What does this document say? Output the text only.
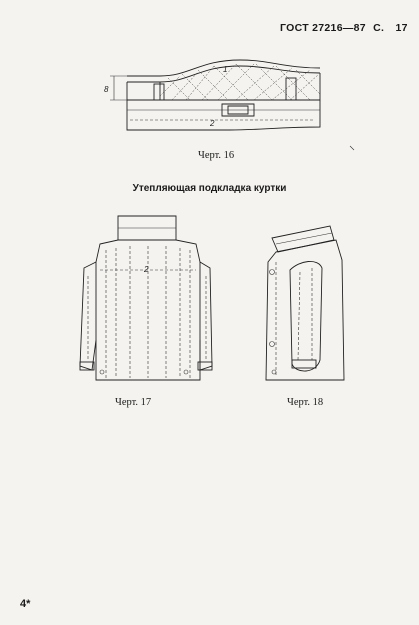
ГОСТ 27216—87 С. 17
8
1
2
Черт. 16
Утепляющая подкладка куртки
2
Черт. 17	Черт. 18
4*
